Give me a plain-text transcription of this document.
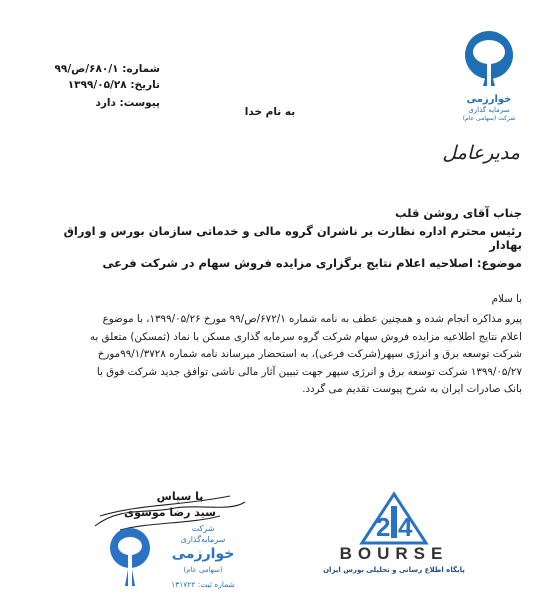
شماره: ۶۸۰/۱/ص/۹۹
تاریخ: ۱۳۹۹/۰۵/۲۸
پیوست: دارد
به نام خدا
خوارزمی
سرمایه گذاری
شرکت (سهامی عام)
مدیرعامل
جناب آقای روشن قلب
رئیس محترم اداره نظارت بر ناشران گروه مالی و خدماتی سازمان بورس و اوراق بهادار
موضوع: اصلاحیه اعلام نتایج برگزاری مزایده فروش سهام در شرکت فرعی
با سلام
پیرو مذاکره انجام شده و همچنین عطف به نامه شماره ۶۷۲/۱/ص/۹۹ مورخ ۱۳۹۹/۰۵/۲۶، با موضوع
اعلام نتایج اطلاعیه مزایده فروش سهام شرکت گروه سرمایه گذاری مسکن با نماد (ثمسکن) متعلق به
شرکت توسعه برق و انرژی سپهر(شرکت فرعی)، به استحضار میرساند نامه شماره ۹۹/۱/۳۷۲۸مورخ
۱۳۹۹/۰۵/۲۷ شرکت توسعه برق و انرژی سپهر جهت تبیین آثار مالی ناشی توافق جدید شرکت فوق با
بانک صادرات ایران به شرح پیوست تقدیم می گردد.
با سپاس
سید رضا موسوی
شرکت
سرمایه‌گذاری
خوارزمی
(سهامی عام)
شماره ثبت: ۱۳۱۷۲۲
2 4
BOURSE
پایگاه اطلاع رسانی و تحلیلی بورس ایران
